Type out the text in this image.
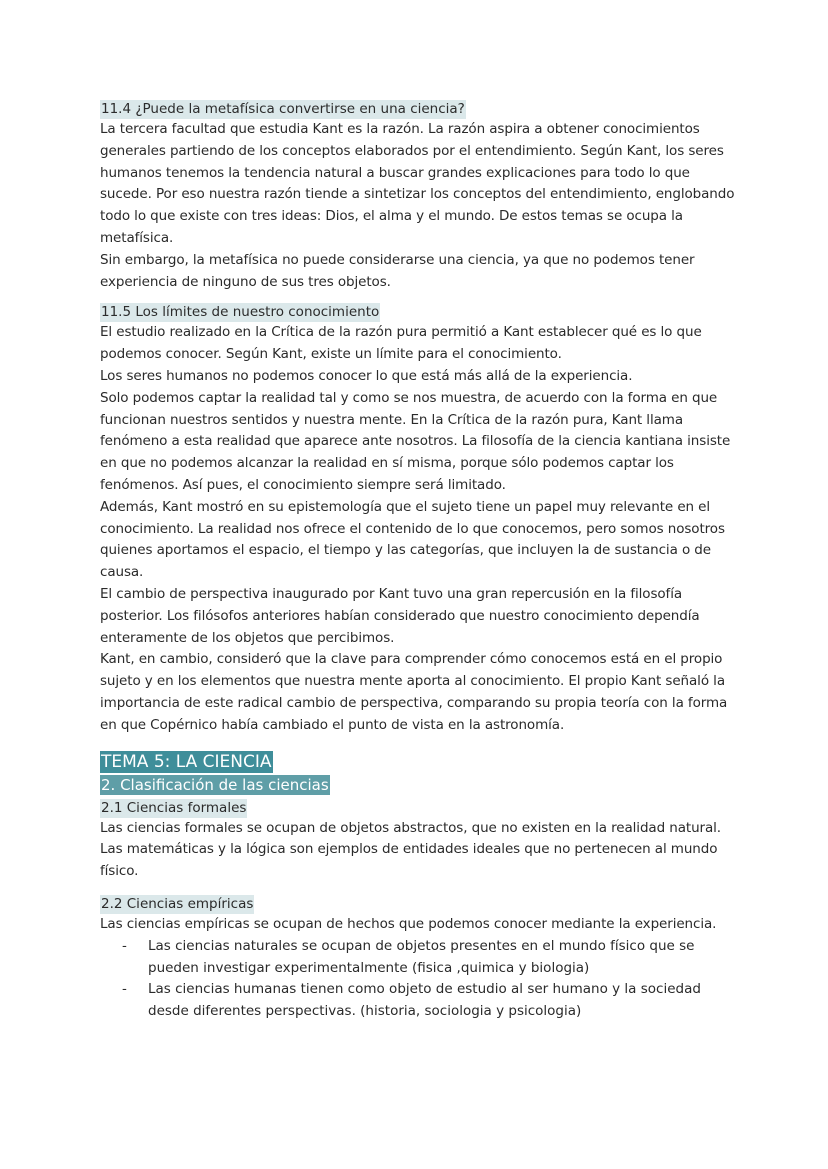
11.4 ¿Puede la metafísica convertirse en una ciencia?

La tercera facultad que estudia Kant es la razón. La razón aspira a obtener conocimientos generales partiendo de los conceptos elaborados por el entendimiento. Según Kant, los seres humanos tenemos la tendencia natural a buscar grandes explicaciones para todo lo que sucede. Por eso nuestra razón tiende a sintetizar los conceptos del entendimiento, englobando todo lo que existe con tres ideas: Dios, el alma y el mundo. De estos temas se ocupa la metafísica.

Sin embargo, la metafísica no puede considerarse una ciencia, ya que no podemos tener experiencia de ninguno de sus tres objetos.

11.5 Los límites de nuestro conocimiento

El estudio realizado en la Crítica de la razón pura permitió a Kant establecer qué es lo que podemos conocer. Según Kant, existe un límite para el conocimiento.

Los seres humanos no podemos conocer lo que está más allá de la experiencia.

Solo podemos captar la realidad tal y como se nos muestra, de acuerdo con la forma en que funcionan nuestros sentidos y nuestra mente. En la Crítica de la razón pura, Kant llama fenómeno a esta realidad que aparece ante nosotros. La filosofía de la ciencia kantiana insiste en que no podemos alcanzar la realidad en sí misma, porque sólo podemos captar los fenómenos. Así pues, el conocimiento siempre será limitado.

Además, Kant mostró en su epistemología que el sujeto tiene un papel muy relevante en el conocimiento. La realidad nos ofrece el contenido de lo que conocemos, pero somos nosotros quienes aportamos el espacio, el tiempo y las categorías, que incluyen la de sustancia o de causa.

El cambio de perspectiva inaugurado por Kant tuvo una gran repercusión en la filosofía posterior. Los filósofos anteriores habían considerado que nuestro conocimiento dependía enteramente de los objetos que percibimos.

Kant, en cambio, consideró que la clave para comprender cómo conocemos está en el propio sujeto y en los elementos que nuestra mente aporta al conocimiento. El propio Kant señaló la importancia de este radical cambio de perspectiva, comparando su propia teoría con la forma en que Copérnico había cambiado el punto de vista en la astronomía.

TEMA 5: LA CIENCIA
2. Clasificación de las ciencias
2.1 Ciencias formales

Las ciencias formales se ocupan de objetos abstractos, que no existen en la realidad natural. Las matemáticas y la lógica son ejemplos de entidades ideales que no pertenecen al mundo físico.

2.2 Ciencias empíricas

Las ciencias empíricas se ocupan de hechos que podemos conocer mediante la experiencia.

- Las ciencias naturales se ocupan de objetos presentes en el mundo físico que se pueden investigar experimentalmente (fisica ,quimica y biologia)
- Las ciencias humanas tienen como objeto de estudio al ser humano y la sociedad desde diferentes perspectivas. (historia, sociologia y psicologia)
